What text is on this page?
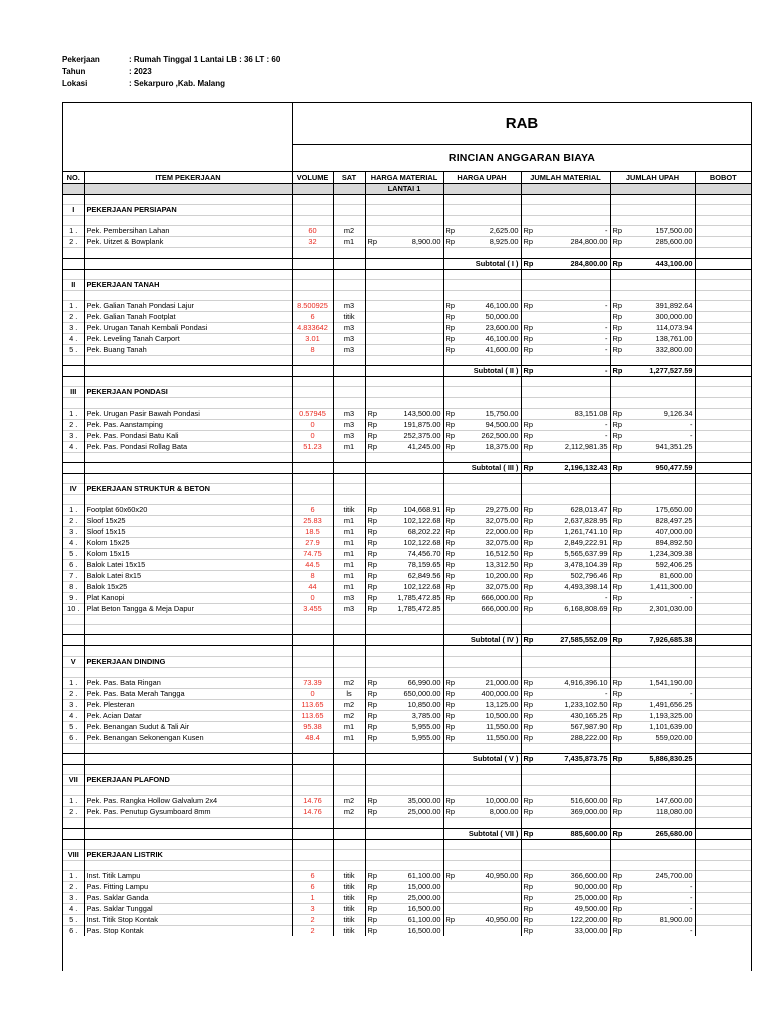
Pekerjaan	: Rumah Tinggal 1 Lantai LB : 36 LT : 60
Tahun	: 2023
Lokasi	: Sekarpuro ,Kab. Malang
RAB
RINCIAN ANGGARAN BIAYA
NO.	ITEM PEKERJAAN	VOLUME	SAT	HARGA MATERIAL	HARGA UPAH	JUMLAH MATERIAL	JUMLAH UPAH	BOBOT
				LANTAI 1				

I	PEKERJAAN PERSIAPAN							

1 .	Pek. Pembersihan Lahan	60	m2		Rp 2,625.00	Rp -	Rp 157,500.00	

2 .	Pek. Uitzet & Bowplank	32	m1	Rp 8,900.00	Rp 8,925.00	Rp 284,800.00	Rp 285,600.00	

					Subtotal ( I )	Rp 284,800.00	Rp 443,100.00	

II	PEKERJAAN TANAH							

1 .	Pek. Galian Tanah Pondasi Lajur	8.500925	m3		Rp 46,100.00	Rp -	Rp 391,892.64	

2 .	Pek. Galian Tanah Footplat	6	titik		Rp 50,000.00		Rp 300,000.00	

3 .	Pek. Urugan Tanah Kembali Pondasi	4.833642	m3		Rp 23,600.00	Rp -	Rp 114,073.94	

4 .	Pek. Leveling Tanah Carport	3.01	m3		Rp 46,100.00	Rp -	Rp 138,761.00	

5 .	Pek. Buang Tanah	8	m3		Rp 41,600.00	Rp -	Rp 332,800.00	

					Subtotal ( II )	Rp -	Rp 1,277,527.59	

III	PEKERJAAN PONDASI							

1 .	Pek. Urugan Pasir Bawah Pondasi	0.57945	m3	Rp 143,500.00	Rp 15,750.00	83,151.08	Rp 9,126.34	

2 .	Pek. Pas. Aanstamping	0	m3	Rp 191,875.00	Rp 94,500.00	Rp -	Rp -	

3 .	Pek. Pas. Pondasi Batu Kali	0	m3	Rp 252,375.00	Rp 262,500.00	Rp -	Rp -	

4 .	Pek. Pas. Pondasi Rollag Bata	51.23	m1	Rp 41,245.00	Rp 18,375.00	Rp 2,112,981.35	Rp 941,351.25	

					Subtotal ( III )	Rp 2,196,132.43	Rp 950,477.59	

IV	PEKERJAAN STRUKTUR & BETON							

1 .	Footplat 60x60x20	6	titik	Rp 104,668.91	Rp 29,275.00	Rp 628,013.47	Rp 175,650.00	

2 .	Sloof 15x25	25.83	m1	Rp 102,122.68	Rp 32,075.00	Rp 2,637,828.95	Rp 828,497.25	

3 .	Sloof 15x15	18.5	m1	Rp 68,202.22	Rp 22,000.00	Rp 1,261,741.10	Rp 407,000.00	

4 .	Kolom 15x25	27.9	m1	Rp 102,122.68	Rp 32,075.00	Rp 2,849,222.91	Rp 894,892.50	

5 .	Kolom 15x15	74.75	m1	Rp 74,456.70	Rp 16,512.50	Rp 5,565,637.99	Rp 1,234,309.38	

6 .	Balok Latei 15x15	44.5	m1	Rp 78,159.65	Rp 13,312.50	Rp 3,478,104.39	Rp 592,406.25	

7 .	Balok Latei 8x15	8	m1	Rp 62,849.56	Rp 10,200.00	Rp 502,796.46	Rp 81,600.00	

8 .	Balok 15x25	44	m1	Rp 102,122.68	Rp 32,075.00	Rp 4,493,398.14	Rp 1,411,300.00	

9 .	Plat Kanopi	0	m3	Rp 1,785,472.85	Rp 666,000.00	Rp -	Rp -	

10 .	Plat Beton Tangga & Meja Dapur	3.455	m3	Rp 1,785,472.85	666,000.00	Rp 6,168,808.69	Rp 2,301,030.00	

					Subtotal ( IV )	Rp 27,585,552.09	Rp 7,926,685.38	

V	PEKERJAAN DINDING							

1 .	Pek. Pas. Bata Ringan	73.39	m2	Rp 66,990.00	Rp 21,000.00	Rp 4,916,396.10	Rp 1,541,190.00	

2 .	Pek. Pas. Bata Merah Tangga	0	ls	Rp 650,000.00	Rp 400,000.00	Rp -	Rp -	

3 .	Pek. Plesteran	113.65	m2	Rp 10,850.00	Rp 13,125.00	Rp 1,233,102.50	Rp 1,491,656.25	

4 .	Pek. Acian Datar	113.65	m2	Rp 3,785.00	Rp 10,500.00	Rp 430,165.25	Rp 1,193,325.00	

5 .	Pek. Benangan Sudut & Tali Air	95.38	m1	Rp 5,955.00	Rp 11,550.00	Rp 567,987.90	Rp 1,101,639.00	

6 .	Pek. Benangan Sekonengan Kusen	48.4	m1	Rp 5,955.00	Rp 11,550.00	Rp 288,222.00	Rp 559,020.00	

					Subtotal ( V )	Rp 7,435,873.75	Rp 5,886,830.25	

VII	PEKERJAAN PLAFOND							

1 .	Pek. Pas. Rangka Hollow Galvalum 2x4	14.76	m2	Rp 35,000.00	Rp 10,000.00	Rp 516,600.00	Rp 147,600.00	

2 .	Pek. Pas. Penutup Gysumboard 8mm	14.76	m2	Rp 25,000.00	Rp 8,000.00	Rp 369,000.00	Rp 118,080.00	

					Subtotal ( VII )	Rp 885,600.00	Rp 265,680.00	

VIII	PEKERJAAN LISTRIK							

1 .	Inst. Titik Lampu	6	titik	Rp 61,100.00	Rp 40,950.00	Rp 366,600.00	Rp 245,700.00	

2 .	Pas. Fitting Lampu	6	titik	Rp 15,000.00		Rp 90,000.00	Rp -	

3 .	Pas. Saklar Ganda	1	titik	Rp 25,000.00		Rp 25,000.00	Rp -	

4 .	Pas. Saklar Tunggal	3	titik	Rp 16,500.00		Rp 49,500.00	Rp -	

5 .	Inst. Titik Stop Kontak	2	titik	Rp 61,100.00	Rp 40,950.00	Rp 122,200.00	Rp 81,900.00	

6 .	Pas. Stop Kontak	2	titik	Rp 16,500.00		Rp 33,000.00	Rp -	
